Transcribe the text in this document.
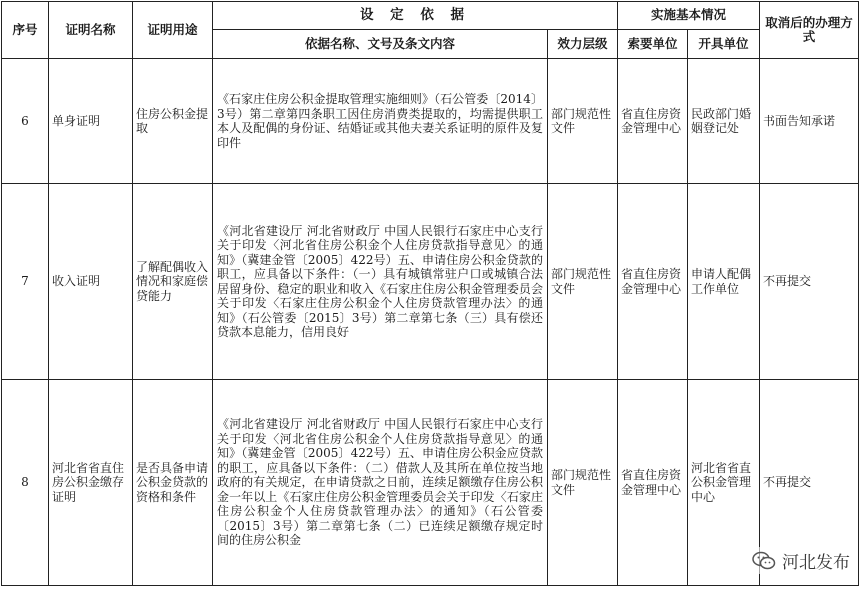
序号	证明名称	证明用途	设 定 依 据		实施基本情况		取消后的办理方式
			依据名称、文号及条文内容	效力层级	索要单位	开具单位	
6	单身证明	住房公积金提取	《石家庄住房公积金提取管理实施细则》（石公管委〔2014〕3号）第二章第四条职工因住房消费类提取的，均需提供职工本人及配偶的身份证、结婚证或其他夫妻关系证明的原件及复印件	部门规范性文件	省直住房资金管理中心	民政部门婚姻登记处	书面告知承诺
7	收入证明	了解配偶收入情况和家庭偿贷能力	《河北省建设厅 河北省财政厅 中国人民银行石家庄中心支行关于印发〈河北省住房公积金个人住房贷款指导意见〉的通知》（冀建金管〔2005〕422号）五、申请住房公积金贷款的职工，应具备以下条件：（一）具有城镇常驻户口或城镇合法居留身份、稳定的职业和收入《石家庄住房公积金管理委员会关于印发〈石家庄住房公积金个人住房贷款管理办法〉的通知》（石公管委〔2015〕3号）第二章第七条（三）具有偿还贷款本息能力，信用良好	部门规范性文件	省直住房资金管理中心	申请人配偶工作单位	不再提交
8	河北省省直住房公积金缴存证明	是否具备申请公积金贷款的资格和条件	《河北省建设厅 河北省财政厅 中国人民银行石家庄中心支行关于印发〈河北省住房公积金个人住房贷款指导意见〉的通知》（冀建金管〔2005〕422号）五、申请住房公积金应贷款的职工，应具备以下条件：（二）借款人及其所在单位按当地政府的有关规定，在申请贷款之日前，连续足额缴存住房公积金一年以上《石家庄住房公积金管理委员会关于印发〈石家庄住房公积金个人住房贷款管理办法〉的通知》（石公管委〔2015〕3号）第二章第七条（二）已连续足额缴存规定时间的住房公积金	部门规范性文件	省直住房资金管理中心	河北省省直公积金管理中心	不再提交
河北发布
